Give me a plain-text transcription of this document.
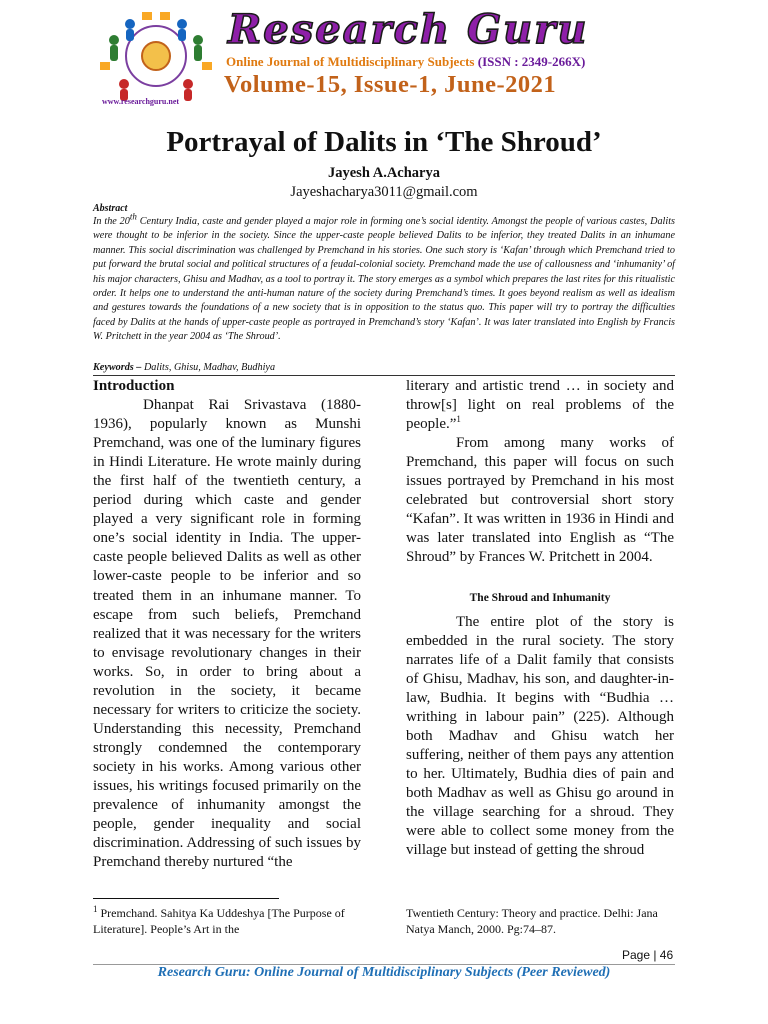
www.researchguru.net
Research Guru
Online Journal of Multidisciplinary Subjects (ISSN : 2349-266X)
Volume-15, Issue-1, June-2021
Portrayal of Dalits in ‘The Shroud’
Jayesh A.Acharya
Jayeshacharya3011@gmail.com
Abstract
In the 20th Century India, caste and gender played a major role in forming one’s social identity. Amongst the people of various castes, Dalits were thought to be inferior in the society. Since the upper-caste people believed Dalits to be inferior, they treated Dalits in an inhumane manner. This social discrimination was challenged by Premchand in his stories. One such story is ‘Kafan’ through which Premchand tried to put forward the brutal social and political structures of a feudal-colonial society. Premchand made the use of callousness and ‘inhumanity’ of his major characters, Ghisu and Madhav, as a tool to portray it. The story emerges as a symbol which prepares the last rites for this ritualistic order. It helps one to understand the anti-human nature of the society during Premchand’s times. It goes beyond realism as well as idealism and gestures towards the foundations of a new society that is in opposition to the status quo. This paper will try to portray the difficulties faced by Dalits at the hands of upper-caste people as portrayed in Premchand’s story ‘Kafan’. It was later translated into English by Francis W. Pritchett in the year 2004 as ‘The Shroud’.
Keywords – Dalits, Ghisu, Madhav, Budhiya

Introduction

Dhanpat Rai Srivastava (1880-1936), popularly known as Munshi Premchand, was one of the luminary figures in Hindi Literature. He wrote mainly during the first half of the twentieth century, a period during which caste and gender played a very significant role in forming one’s social identity in India. The upper-caste people believed Dalits as well as other lower-caste people to be inferior and so treated them in an inhumane manner. To escape from such beliefs, Premchand realized that it was necessary for the writers to envisage revolutionary changes in their works. So, in order to bring about a revolution in the society, it became necessary for writers to criticize the society. Understanding this necessity, Premchand strongly condemned the contemporary society in his works. Among various other issues, his writings focused primarily on the prevalence of inhumanity amongst the people, gender inequality and social discrimination. Addressing of such issues by Premchand thereby nurtured “the

literary and artistic trend … in society and throw[s] light on real problems of the people.”$^1$

From among many works of Premchand, this paper will focus on such issues portrayed by Premchand in his most celebrated but controversial short story “Kafan”. It was written in 1936 in Hindi and was later translated into English as “The Shroud” by Frances W. Pritchett in 2004.

The Shroud and Inhumanity

The entire plot of the story is embedded in the rural society. The story narrates life of a Dalit family that consists of Ghisu, Madhav, his son, and daughter-in-law, Budhia. It begins with “Budhia … writhing in labour pain” (225). Although both Madhav and Ghisu watch her suffering, neither of them pays any attention to her. Ultimately, Budhia dies of pain and both Madhav as well as Ghisu go around in the village searching for a shroud. They were able to collect some money from the village but instead of getting the shroud

$^1$ Premchand. Sahitya Ka Uddeshya [The Purpose of Literature]. People’s Art in the
Twentieth Century: Theory and practice. Delhi: Jana Natya Manch, 2000. Pg:74–87.
Page | 46
Research Guru: Online Journal of Multidisciplinary Subjects (Peer Reviewed)
